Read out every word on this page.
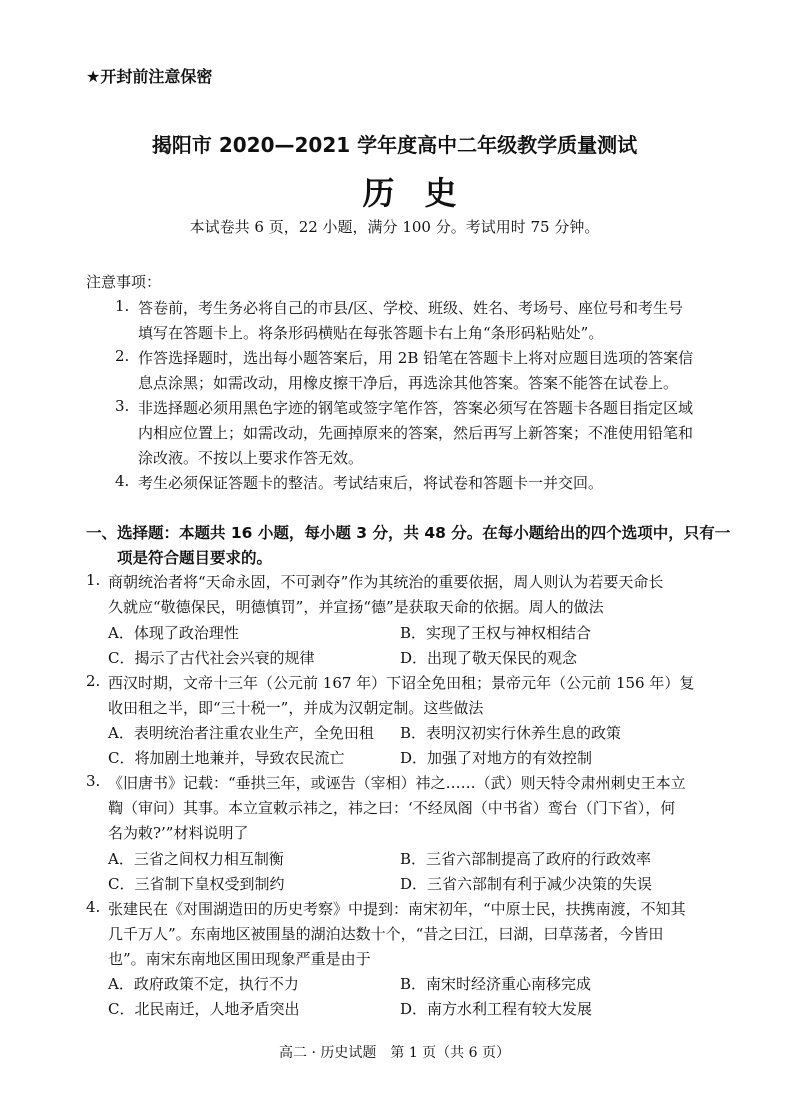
★开封前注意保密
揭阳市 2020—2021 学年度高中二年级教学质量测试
历史
本试卷共 6 页，22 小题，满分 100 分。考试用时 75 分钟。
注意事项：
1. 答卷前，考生务必将自己的市县/区、学校、班级、姓名、考场号、座位号和考生号
填写在答题卡上。将条形码横贴在每张答题卡右上角“条形码粘贴处”。
2. 作答选择题时，选出每小题答案后，用 2B 铅笔在答题卡上将对应题目选项的答案信
息点涂黑；如需改动，用橡皮擦干净后，再选涂其他答案。答案不能答在试卷上。
3. 非选择题必须用黑色字迹的钢笔或签字笔作答，答案必须写在答题卡各题目指定区域
内相应位置上；如需改动，先画掉原来的答案，然后再写上新答案；不准使用铅笔和
涂改液。不按以上要求作答无效。
4. 考生必须保证答题卡的整洁。考试结束后，将试卷和答题卡一并交回。
一、选择题：本题共 16 小题，每小题 3 分，共 48 分。在每小题给出的四个选项中，只有一
项是符合题目要求的。
1. 商朝统治者将“天命永固，不可剥夺”作为其统治的重要依据，周人则认为若要天命长
久就应“敬德保民，明德慎罚”，并宣扬“德”是获取天命的依据。周人的做法
A．体现了政治理性	B．实现了王权与神权相结合
C．揭示了古代社会兴衰的规律	D．出现了敬天保民的观念
2. 西汉时期，文帝十三年（公元前 167 年）下诏全免田租；景帝元年（公元前 156 年）复
收田租之半，即“三十税一”，并成为汉朝定制。这些做法
A．表明统治者注重农业生产，全免田租 B．表明汉初实行休养生息的政策
C．将加剧土地兼并，导致农民流亡	D．加强了对地方的有效控制
3. 《旧唐书》记载：“垂拱三年，或诬告（宰相）祎之……（武）则天特令肃州刺史王本立
鞫（审问）其事。本立宣敕示祎之，祎之曰：‘不经凤阁（中书省）鸾台（门下省），何
名为敕?’”材料说明了
A．三省之间权力相互制衡	B．三省六部制提高了政府的行政效率
C．三省制下皇权受到制约	D．三省六部制有利于减少决策的失误
4. 张建民在《对围湖造田的历史考察》中提到：南宋初年，“中原士民，扶携南渡，不知其
几千万人”。东南地区被围垦的湖泊达数十个，“昔之曰江，曰湖，曰草荡者，今皆田
也”。南宋东南地区围田现象严重是由于
A．政府政策不定，执行不力	B．南宋时经济重心南移完成
C．北民南迁，人地矛盾突出	D．南方水利工程有较大发展
高二 · 历史试题　第 1 页（共 6 页）
